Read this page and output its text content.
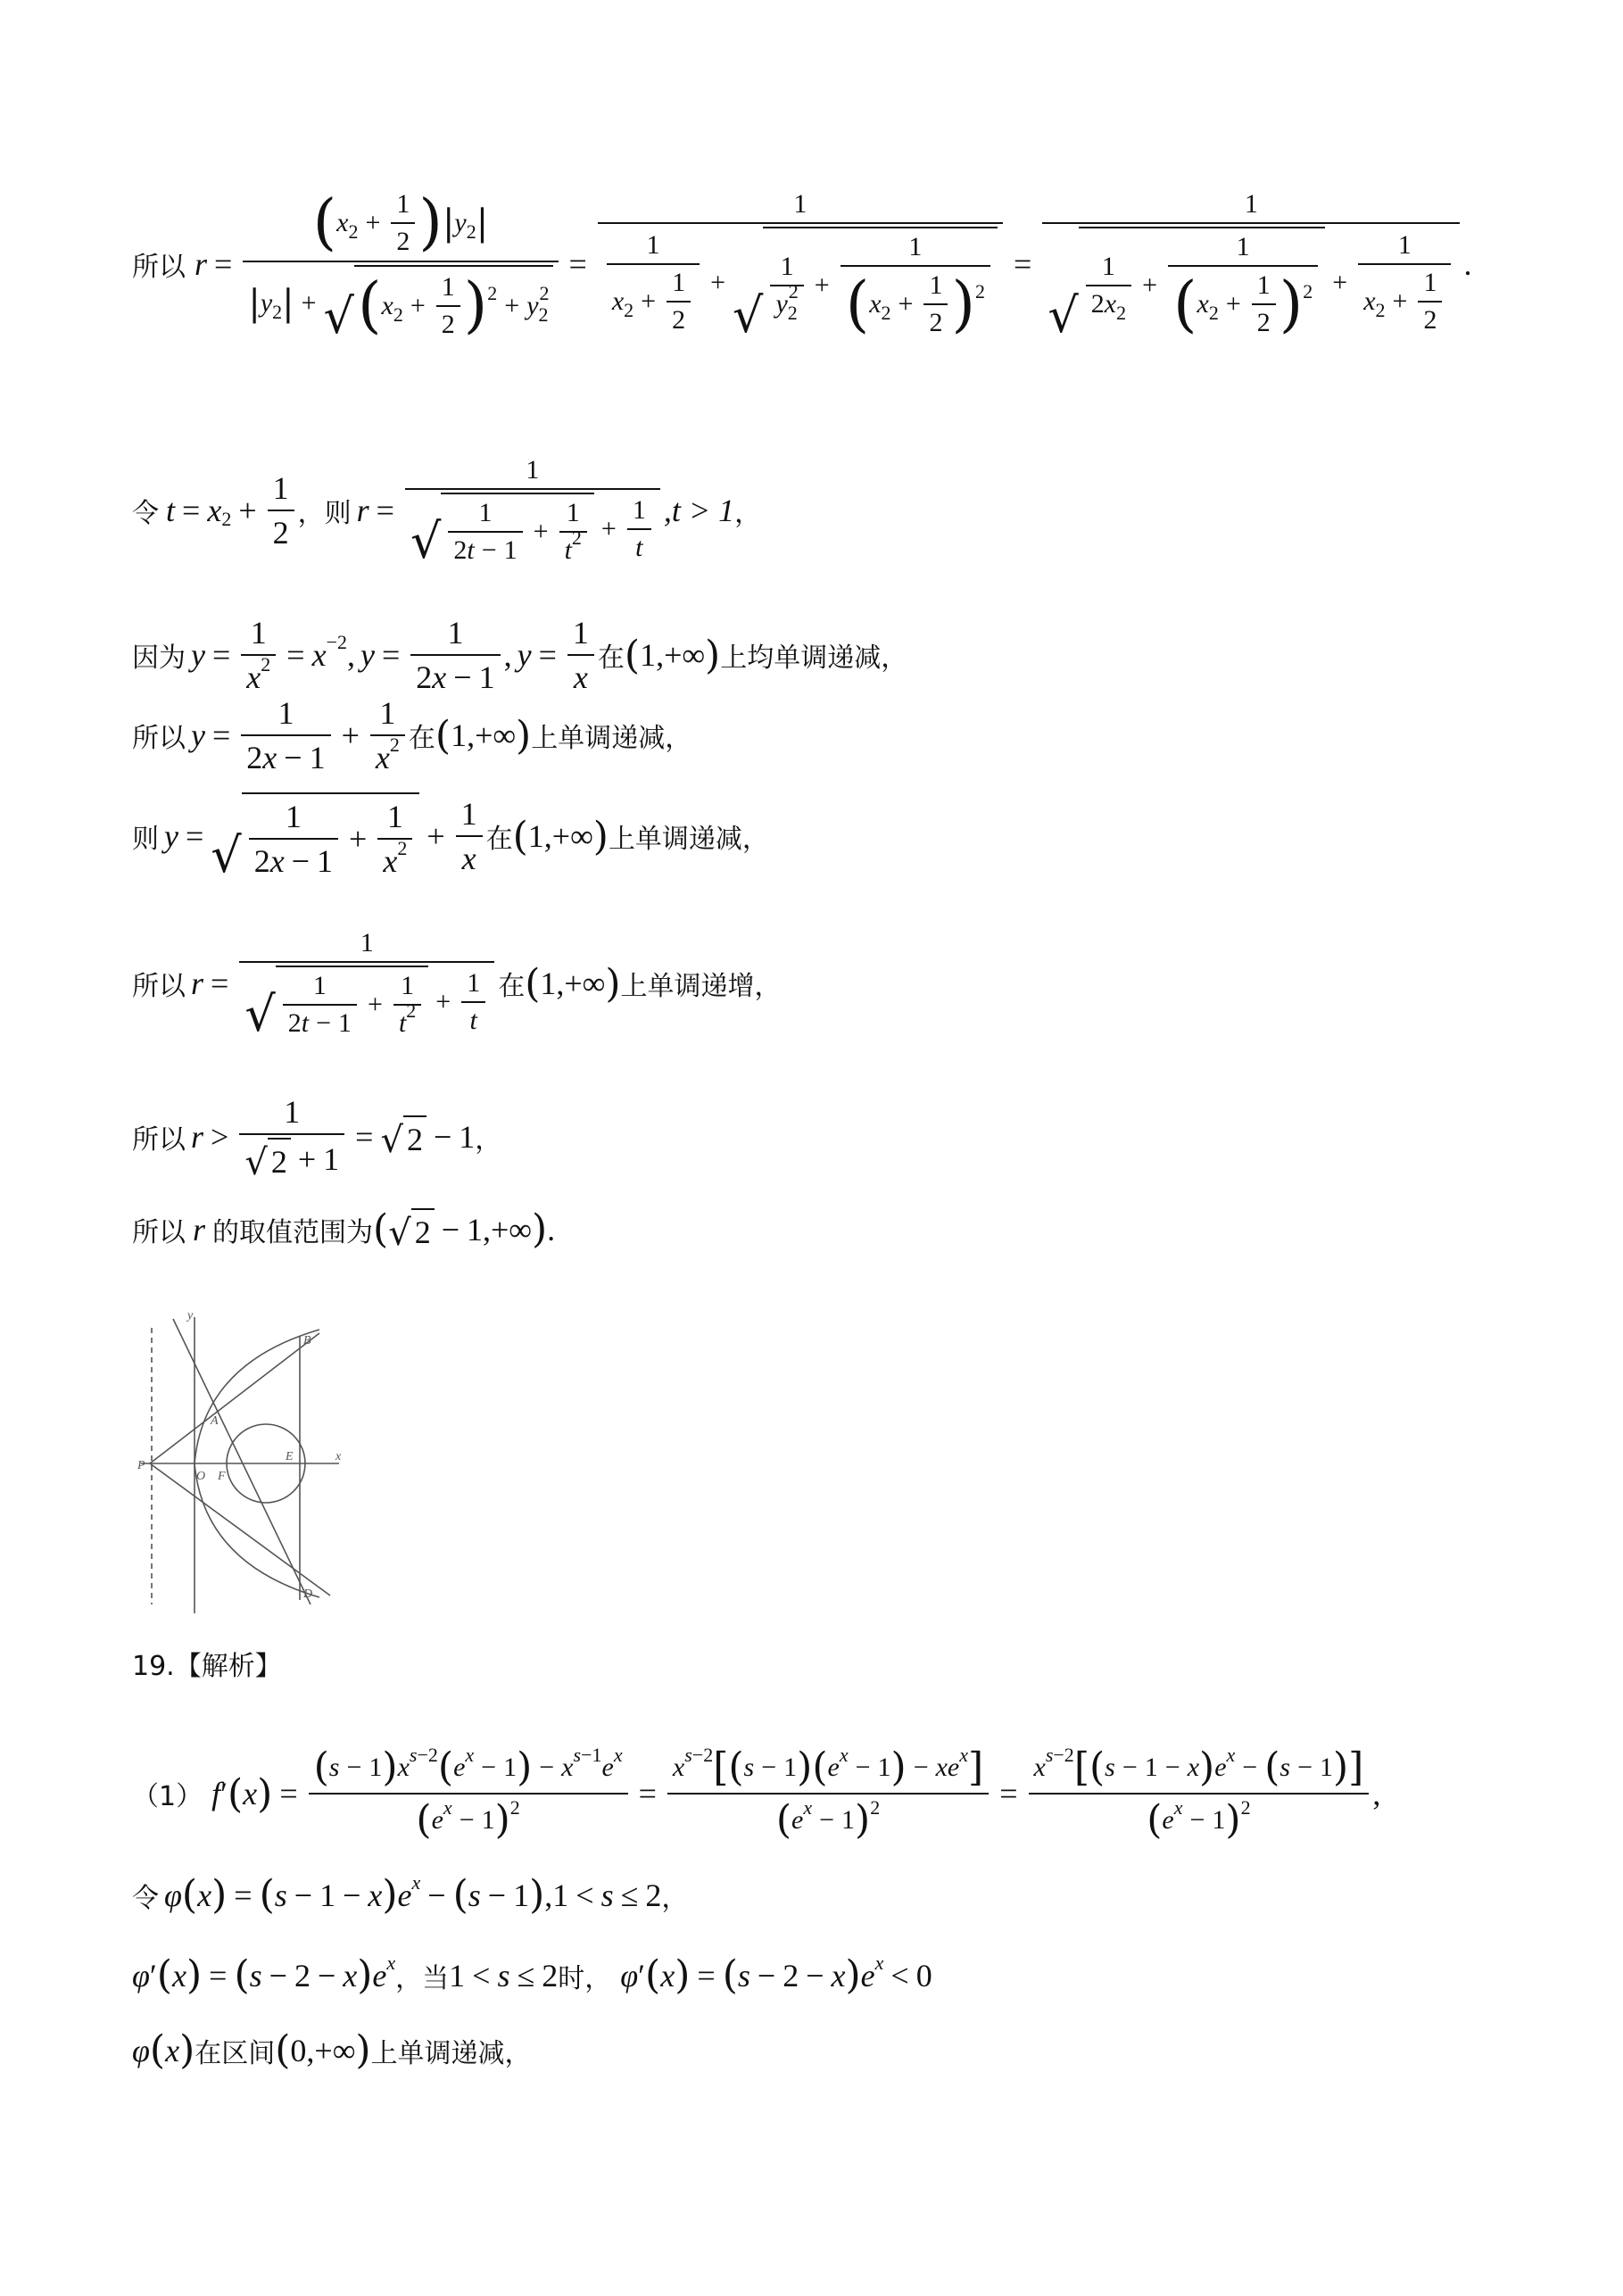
所以 r = ( x $2 + \frac{1}{2}$ ) | y 2 |
| y 2 | + √ ( x $2 + \frac{1}{2}$ ) 2 + y 2
2 =
1
$\frac{1}{x 2 + \frac{1}{2}}$ +
√ 1
y 2
$2 + \frac{1}{( x 2 + \frac{1}{2} ) 2}$ =
1
√ $\frac{1}{2 x 2} + \frac{1}{( x 2 + \frac{1}{2} ) 2} + \frac{1}{x 2 + \frac{1}{2}}$ .
令 t = x $2 + \frac{1}{2}$ ，则 $r = \frac{1}{√ \frac{1}{2 t - 1} + \frac{1}{t 2} + \frac{1}{t}} ,t > 1$ ，
因为 $y = \frac{1}{x 2} = x -2$ , $y = \frac{1}{2 x - 1}$ , $y = \frac{1}{x}$ 在 ( 1,+∞ ) 上均单调递减，
所以 $y = \frac{1}{2 x - 1} + \frac{1}{x 2}$ 在 ( 1,+∞ ) 上单调递减，
则 y = √ $\frac{1}{2 x - 1} + \frac{1}{x 2} + \frac{1}{x}$ 在 ( 1,+∞ ) 上单调递减，
所以 $r = \frac{1}{√ \frac{1}{2 t - 1} + \frac{1}{t 2} + \frac{1}{t}}$ 在 ( 1,+∞ ) 上单调递增，
所以 $r > \frac{1}{√ 2 + 1}$ = √ 2 − 1 ，
所以 r 的取值范围为 ( √ 2 − 1,+∞ ) .
y
x
B
A
P
O F
E
D
19.【解析】
（1） f ′ ( x ) = $\frac{\text{( s − 1 ) x s−2 ( e x − 1 ) − x s−1 e x}}{\text{( e x − 1 ) 2}} = \frac{\text{x s−2 [ ( s − 1 ) ( e x − 1 ) − xe x ]}}{\text{( e x − 1 ) 2}} = \frac{\text{x s−2 [ ( s − 1 − x ) e x − ( s − 1 ) ]}}{\text{( e x − 1 ) 2}}$ ,
令 φ ( x ) = ( s − 1 − x ) e x − ( s − 1 ) ,1 < s ≤ 2 ，
φ ′ ( x ) = ( s − 2 − x ) e x
，当 1 < s ≤ 2 时， φ ′ ( x ) = ( s − 2 − x ) e x < 0
φ ( x ) 在区间 ( 0,+∞ ) 上单调递减，
